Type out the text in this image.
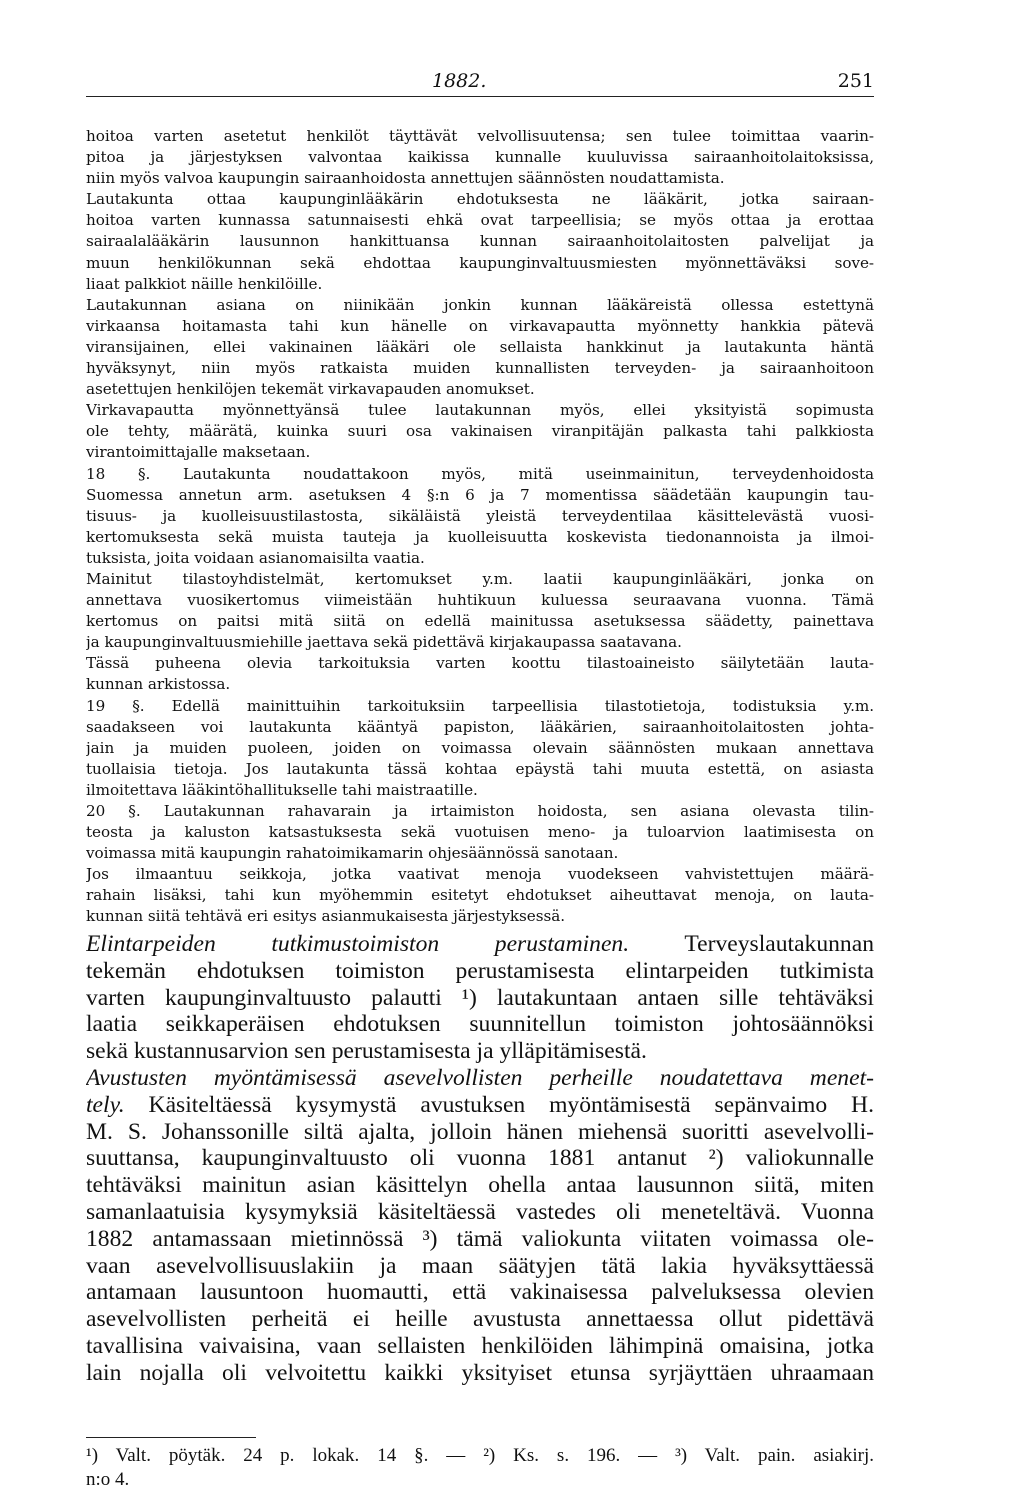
1882.	251
hoitoa varten asetetut henkilöt täyttävät velvollisuutensa; sen tulee toimittaa vaarin-
pitoa ja järjestyksen valvontaa kaikissa kunnalle kuuluvissa sairaanhoitolaitoksissa,
niin myös valvoa kaupungin sairaanhoidosta annettujen säännösten noudattamista.
Lautakunta ottaa kaupunginlääkärin ehdotuksesta ne lääkärit, jotka sairaan-
hoitoa varten kunnassa satunnaisesti ehkä ovat tarpeellisia; se myös ottaa ja erottaa
sairaalalääkärin lausunnon hankittuansa kunnan sairaanhoitolaitosten palvelijat ja
muun henkilökunnan sekä ehdottaa kaupunginvaltuusmiesten myönnettäväksi sove-
liaat palkkiot näille henkilöille.
Lautakunnan asiana on niinikään jonkin kunnan lääkäreistä ollessa estettynä
virkaansa hoitamasta tahi kun hänelle on virkavapautta myönnetty hankkia pätevä
viransijainen, ellei vakinainen lääkäri ole sellaista hankkinut ja lautakunta häntä
hyväksynyt, niin myös ratkaista muiden kunnallisten terveyden- ja sairaanhoitoon
asetettujen henkilöjen tekemät virkavapauden anomukset.
Virkavapautta myönnettyänsä tulee lautakunnan myös, ellei yksityistä sopimusta
ole tehty, määrätä, kuinka suuri osa vakinaisen viranpitäjän palkasta tahi palkkiosta
virantoimittajalle maksetaan.
18 §. Lautakunta noudattakoon myös, mitä useinmainitun, terveydenhoidosta
Suomessa annetun arm. asetuksen 4 §:n 6 ja 7 momentissa säädetään kaupungin tau-
tisuus- ja kuolleisuustilastosta, sikäläistä yleistä terveydentilaa käsittelevästä vuosi-
kertomuksesta sekä muista tauteja ja kuolleisuutta koskevista tiedonannoista ja ilmoi-
tuksista, joita voidaan asianomaisilta vaatia.
Mainitut tilastoyhdistelmät, kertomukset y.m. laatii kaupunginlääkäri, jonka on
annettava vuosikertomus viimeistään huhtikuun kuluessa seuraavana vuonna. Tämä
kertomus on paitsi mitä siitä on edellä mainitussa asetuksessa säädetty, painettava
ja kaupunginvaltuusmiehille jaettava sekä pidettävä kirjakaupassa saatavana.
Tässä puheena olevia tarkoituksia varten koottu tilastoaineisto säilytetään lauta-
kunnan arkistossa.
19 §. Edellä mainittuihin tarkoituksiin tarpeellisia tilastotietoja, todistuksia y.m.
saadakseen voi lautakunta kääntyä papiston, lääkärien, sairaanhoitolaitosten johta-
jain ja muiden puoleen, joiden on voimassa olevain säännösten mukaan annettava
tuollaisia tietoja. Jos lautakunta tässä kohtaa epäystä tahi muuta estettä, on asiasta
ilmoitettava lääkintöhallitukselle tahi maistraatille.
20 §. Lautakunnan rahavarain ja irtaimiston hoidosta, sen asiana olevasta tilin-
teosta ja kaluston katsastuksesta sekä vuotuisen meno- ja tuloarvion laatimisesta on
voimassa mitä kaupungin rahatoimikamarin ohjesäännössä sanotaan.
Jos ilmaantuu seikkoja, jotka vaativat menoja vuodekseen vahvistettujen määrä-
rahain lisäksi, tahi kun myöhemmin esitetyt ehdotukset aiheuttavat menoja, on lauta-
kunnan siitä tehtävä eri esitys asianmukaisesta järjestyksessä.
Elintarpeiden tutkimustoimiston perustaminen. Terveyslautakunnan
tekemän ehdotuksen toimiston perustamisesta elintarpeiden tutkimista
varten kaupunginvaltuusto palautti ¹) lautakuntaan antaen sille tehtäväksi
laatia seikkaperäisen ehdotuksen suunnitellun toimiston johtosäännöksi
sekä kustannusarvion sen perustamisesta ja ylläpitämisestä.
Avustusten myöntämisessä asevelvollisten perheille noudatettava menet-
tely. Käsiteltäessä kysymystä avustuksen myöntämisestä sepänvaimo H.
M. S. Johanssonille siltä ajalta, jolloin hänen miehensä suoritti asevelvolli-
suuttansa, kaupunginvaltuusto oli vuonna 1881 antanut ²) valiokunnalle
tehtäväksi mainitun asian käsittelyn ohella antaa lausunnon siitä, miten
samanlaatuisia kysymyksiä käsiteltäessä vastedes oli meneteltävä. Vuonna
1882 antamassaan mietinnössä ³) tämä valiokunta viitaten voimassa ole-
vaan asevelvollisuuslakiin ja maan säätyjen tätä lakia hyväksyttäessä
antamaan lausuntoon huomautti, että vakinaisessa palveluksessa olevien
asevelvollisten perheitä ei heille avustusta annettaessa ollut pidettävä
tavallisina vaivaisina, vaan sellaisten henkilöiden lähimpinä omaisina, jotka
lain nojalla oli velvoitettu kaikki yksityiset etunsa syrjäyttäen uhraamaan
¹) Valt. pöytäk. 24 p. lokak. 14 §. — ²) Ks. s. 196. — ³) Valt. pain. asiakirj.
n:o 4.
